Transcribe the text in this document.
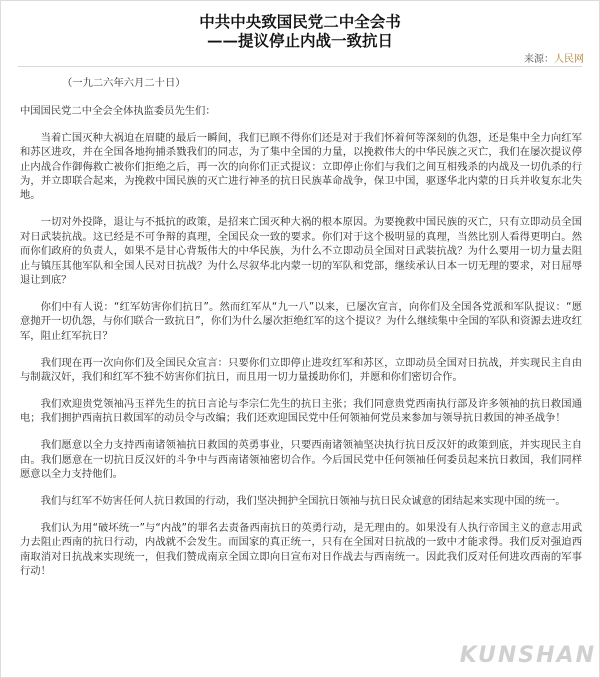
中共中央致国民党二中全会书
——提议停止内战一致抗日
来源：人民网

（一九二六年六月二十日）

中国国民党二中全会全体执监委员先生们：

当着亡国灭种大祸迫在眉睫的最后一瞬间，我们已顾不得你们还是对于我们怀着何等深刻的仇怨，还是集中全力向红军和苏区进攻，并在全国各地拘捕杀戮我们的同志，为了集中全国的力量，以挽救伟大的中华民族之灭亡，我们在屡次提议停止内战合作御侮救亡被你们拒绝之后，再一次的向你们正式提议：立即停止你们与我们之间互相残杀的内战及一切仇杀的行为，并立即联合起来，为挽救中国民族的灭亡进行神圣的抗日民族革命战争，保卫中国，驱逐华北内蒙的日兵并收复东北失地。

一切对外投降，退让与不抵抗的政策，是招来亡国灭种大祸的根本原因。为要挽救中国民族的灭亡，只有立即动员全国对日武装抗战。这已经是不可争辩的真理，全国民众一致的要求。你们对于这个极明显的真理，当然比别人看得更明白。然而你们政府的负责人，如果不是甘心背叛伟大的中华民族，为什么不立即动员全国对日武装抗战？为什么要用一切力量去阻止与镇压其他军队和全国人民对日抗战？为什么尽叙华北内蒙一切的军队和党部，继续承认日本一切无理的要求，对日屈辱退让到底？

你们中有人说：“红军妨害你们抗日”。然而红军从“九一八”以来，已屡次宣言，向你们及全国各党派和军队提议：“愿意抛开一切仇怨，与你们联合一致抗日”，你们为什么屡次拒绝红军的这个提议？为什么继续集中全国的军队和资源去进攻红军，阻止红军抗日？

我们现在再一次向你们及全国民众宣言：只要你们立即停止进攻红军和苏区，立即动员全国对日抗战，并实现民主自由与制裁汉奸，我们和红军不独不妨害你们抗日，而且用一切力量援助你们，并愿和你们密切合作。

我们欢迎贵党领袖冯玉祥先生的抗日言论与李宗仁先生的抗日主张；我们同意贵党西南执行部及许多领袖的抗日救国通电；我们拥护西南抗日救国军的动员令与改编；我们还欢迎国民党中任何领袖何党员来参加与领导抗日救国的神圣战争！

我们愿意以全力支持西南诸领袖抗日救国的英勇事业，只要西南诸领袖坚决执行抗日反汉奸的政策到底，并实现民主自由。我们愿意在一切抗日反汉奸的斗争中与西南诸领袖密切合作。今后国民党中任何领袖任何委员起来抗日救国，我们同样愿意以全力支持他们。

我们与红军不妨害任何人抗日救国的行动，我们坚决拥护全国抗日领袖与抗日民众诚意的团结起来实现中国的统一。

我们认为用“破坏统一”与“内战”的罪名去责备西南抗日的英勇行动，是无理由的。如果没有人执行帝国主义的意志用武力去阻止西南的抗日行动，内战就不会发生。而国家的真正统一，只有在全国对日抗战的一致中才能求得。我们反对强迫西南取消对日抗战来实现统一，但我们赞成南京全国立即向日宣布对日作战去与西南统一。因此我们反对任何进攻西南的军事行动！

KUNSHAN
